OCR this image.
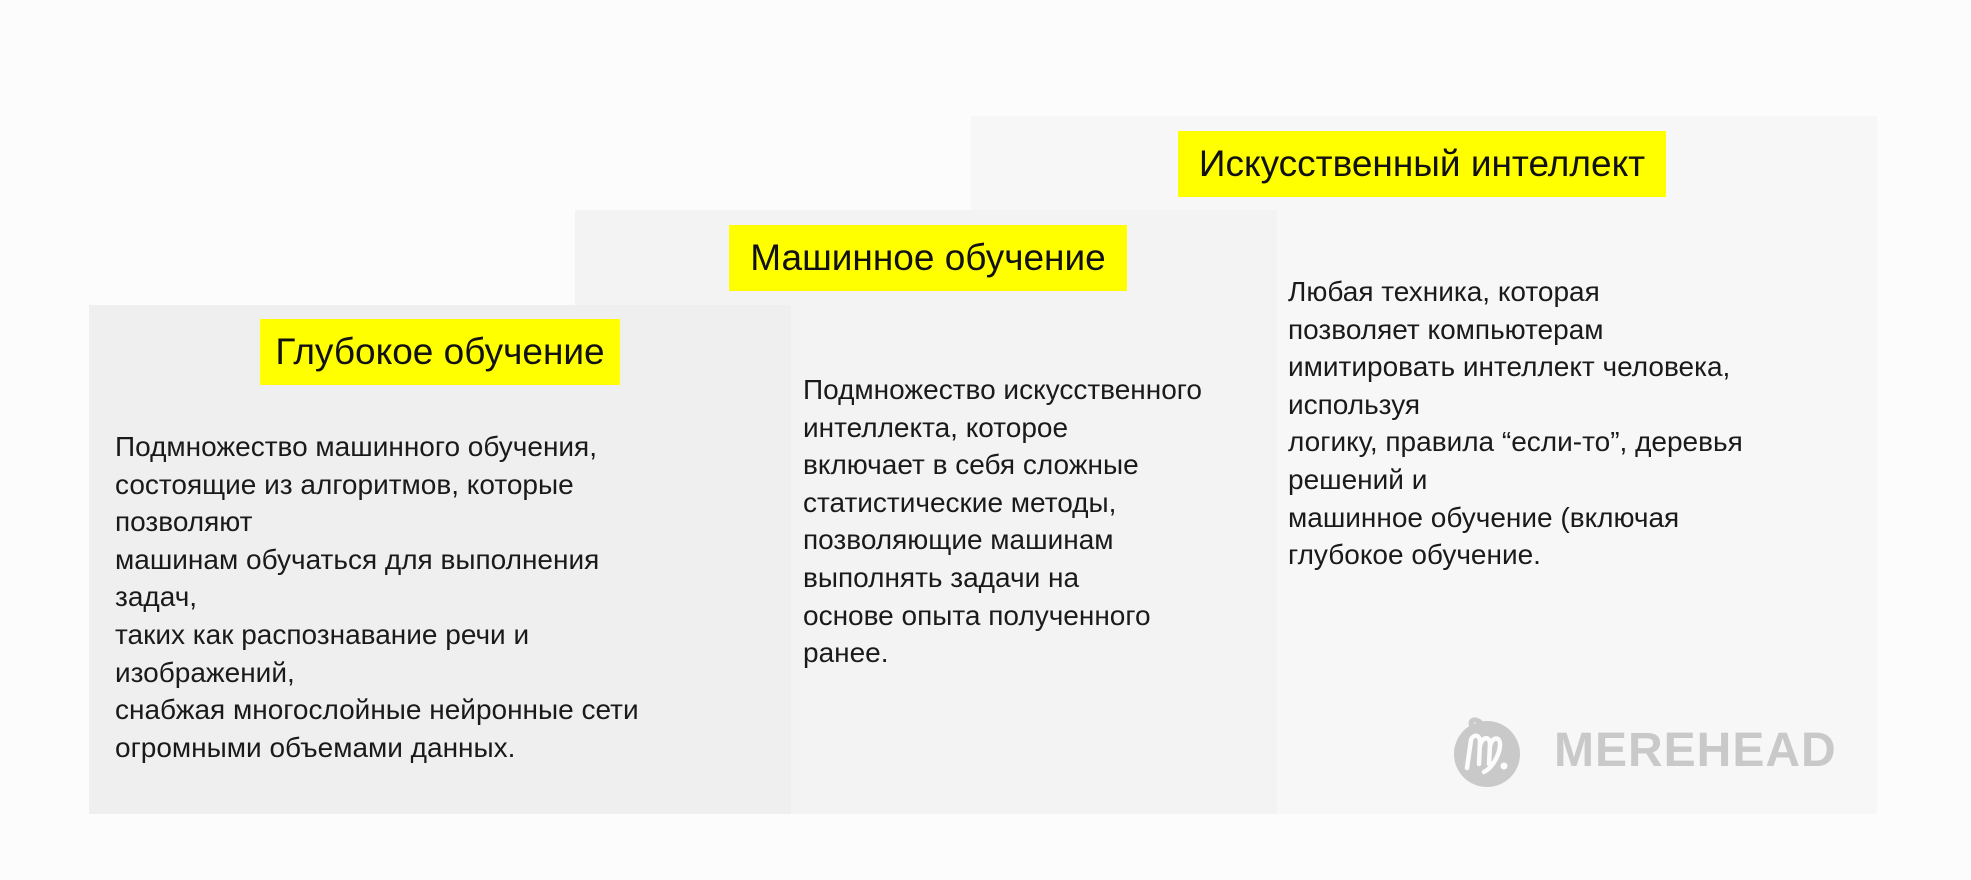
Искусственный интеллект
Машинное обучение
Глубокое обучение
Любая техника, которая
позволяет компьютерам
имитировать интеллект человека,
используя
логику, правила “если-то”, деревья
решений и
машинное обучение (включая
глубокое обучение.
Подмножество искусственного
интеллекта, которое
включает в себя сложные
статистические методы,
позволяющие машинам
выполнять задачи на
основе опыта полученного
ранее.
Подмножество машинного обучения,
состоящие из алгоритмов, которые
позволяют
машинам обучаться для выполнения
задач,
таких как распознавание речи и
изображений,
снабжая многослойные нейронные сети
огромными объемами данных.	MEREHEAD
